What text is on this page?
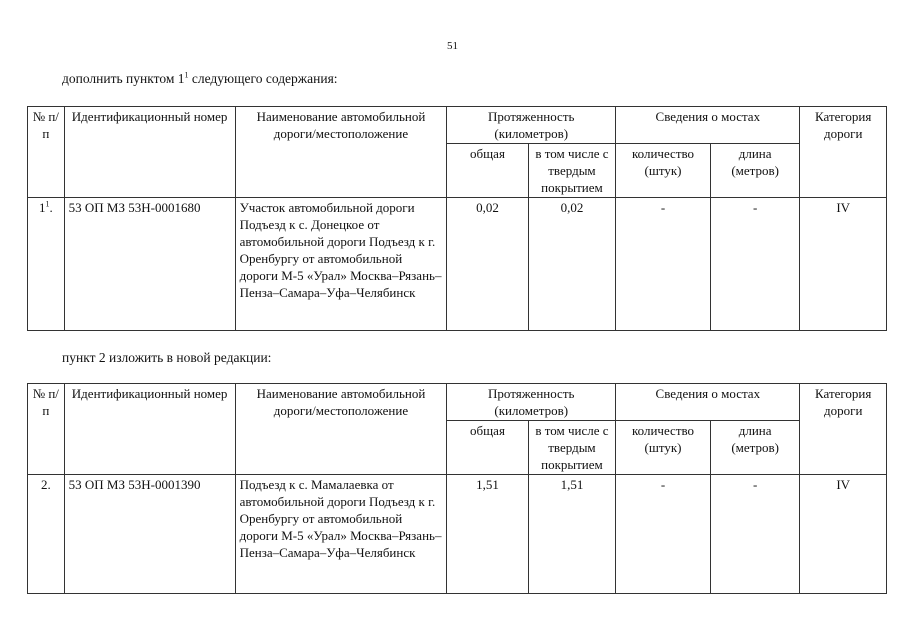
51
дополнить пунктом $1^1$ следующего содержания:
№ п/п	Идентификационный номер	Наименование автомобильной дороги/местоположение	Протяженность (километров)		Сведения о мостах		Категория дороги
			общая	в том числе с твердым покрытием	количество (штук)	длина (метров)	
$1^1$.	53 ОП МЗ 53Н-0001680	Участок автомобильной дороги Подъезд к с. Донецкое от автомобильной дороги Подъезд к г. Оренбургу от автомобильной дороги М-5 «Урал» Москва–Рязань–Пенза–Самара–Уфа–Челябинск	0,02	0,02	-	-	IV
пункт 2 изложить в новой редакции:
№ п/п	Идентификационный номер	Наименование автомобильной дороги/местоположение	Протяженность (километров)		Сведения о мостах		Категория дороги
			общая	в том числе с твердым покрытием	количество (штук)	длина (метров)	
2.	53 ОП МЗ 53Н-0001390	Подъезд к с. Мамалаевка от автомобильной дороги Подъезд к г. Оренбургу от автомобильной дороги М-5 «Урал» Москва–Рязань–Пенза–Самара–Уфа–Челябинск	1,51	1,51	-	-	IV
